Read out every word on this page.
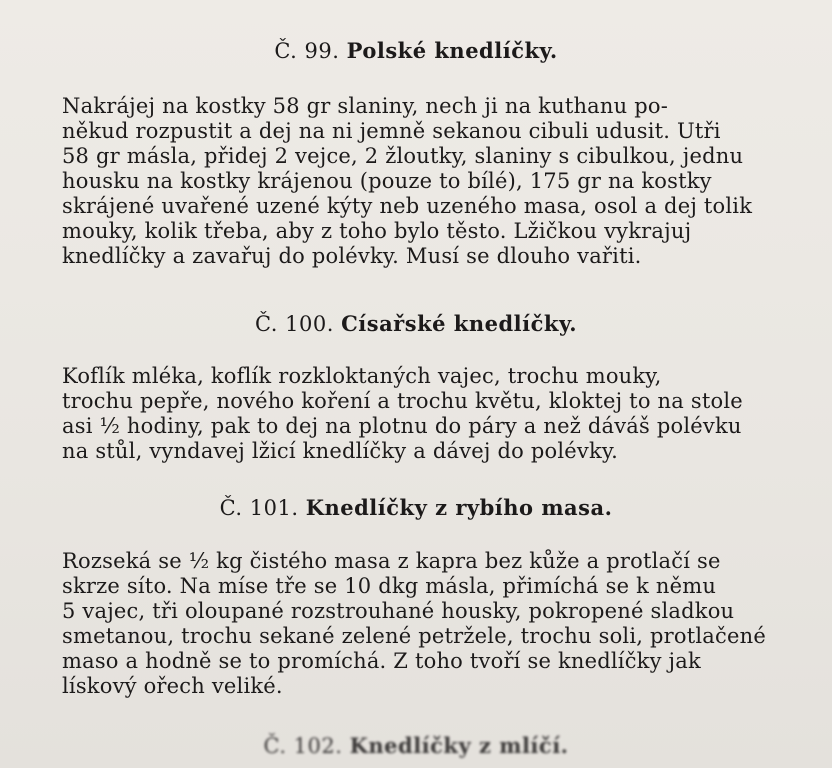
Č. 99. Polské knedlíčky.
Nakrájej na kostky 58 gr slaniny, nech ji na kuthanu po-
někud rozpustit a dej na ni jemně sekanou cibuli udusit. Utři
58 gr másla, přidej 2 vejce, 2 žloutky, slaniny s cibulkou, jednu
housku na kostky krájenou (pouze to bílé), 175 gr na kostky
skrájené uvařené uzené kýty neb uzeného masa, osol a dej tolik
mouky, kolik třeba, aby z toho bylo těsto. Lžičkou vykrajuj
knedlíčky a zavařuj do polévky. Musí se dlouho vařiti.
Č. 100. Císařské knedlíčky.
Koflík mléka, koflík rozkloktaných vajec, trochu mouky,
trochu pepře, nového koření a trochu květu, kloktej to na stole
asi ½ hodiny, pak to dej na plotnu do páry a než dáváš polévku
na stůl, vyndavej lžicí knedlíčky a dávej do polévky.
Č. 101. Knedlíčky z rybího masa.
Rozseká se ½ kg čistého masa z kapra bez kůže a protlačí se
skrze síto. Na míse tře se 10 dkg másla, přimíchá se k němu
5 vajec, tři oloupané rozstrouhané housky, pokropené sladkou
smetanou, trochu sekané zelené petržele, trochu soli, protlačené
maso a hodně se to promíchá. Z toho tvoří se knedlíčky jak
lískový ořech veliké.
Č. 102. Knedlíčky z mlíčí.
